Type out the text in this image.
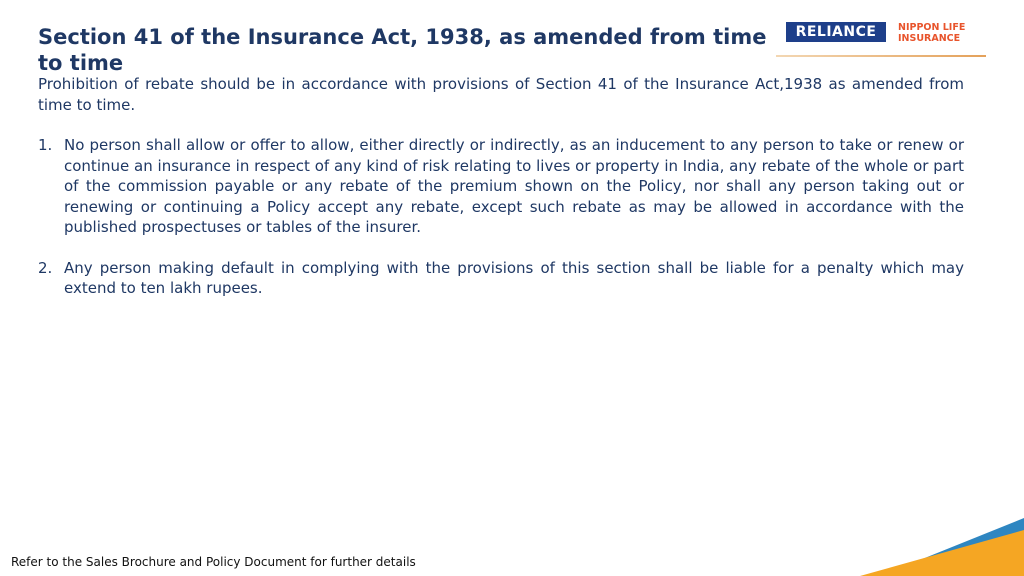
Section 41 of the Insurance Act, 1938, as amended from time to time
RELIANCE	NIPPON LIFE
INSURANCE

Prohibition of rebate should be in accordance with provisions of Section 41 of the Insurance Act,1938 as amended from time to time.

1. No person shall allow or offer to allow, either directly or indirectly, as an inducement to any person to take or renew or continue an insurance in respect of any kind of risk relating to lives or property in India, any rebate of the whole or part of the commission payable or any rebate of the premium shown on the Policy, nor shall any person taking out or renewing or continuing a Policy accept any rebate, except such rebate as may be allowed in accordance with the published prospectuses or tables of the insurer.
2. Any person making default in complying with the provisions of this section shall be liable for a penalty which may extend to ten lakh rupees.
Refer to the Sales Brochure and Policy Document for further details
